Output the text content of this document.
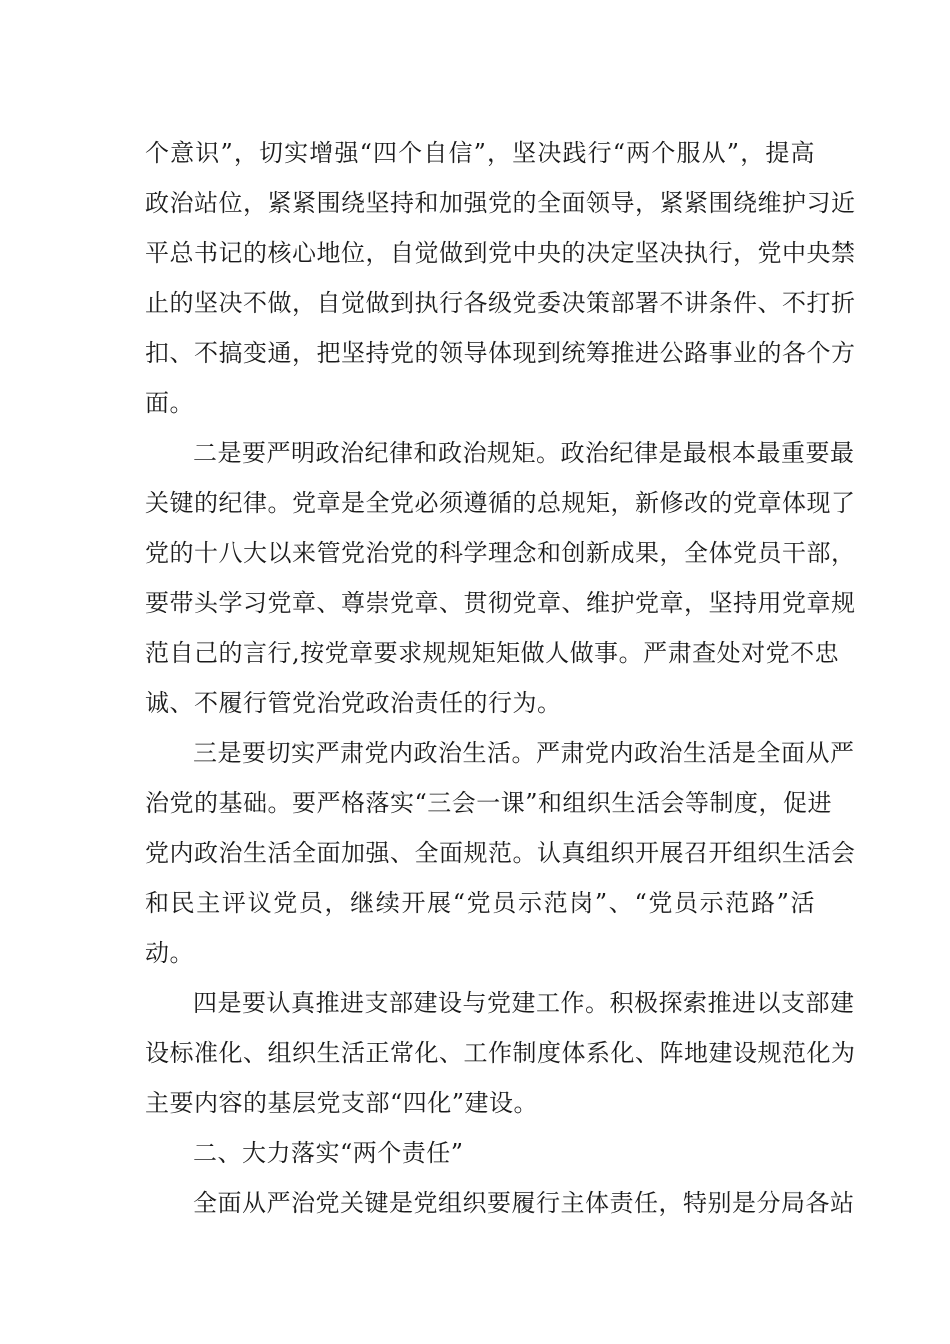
个意识”，切实增强“四个自信”，坚决践行“两个服从”，提高
政治站位，紧紧围绕坚持和加强党的全面领导，紧紧围绕维护习近
平总书记的核心地位，自觉做到党中央的决定坚决执行，党中央禁
止的坚决不做，自觉做到执行各级党委决策部署不讲条件、不打折
扣、不搞变通，把坚持党的领导体现到统筹推进公路事业的各个方
面。
二是要严明政治纪律和政治规矩。政治纪律是最根本最重要最
关键的纪律。党章是全党必须遵循的总规矩，新修改的党章体现了
党的十八大以来管党治党的科学理念和创新成果，全体党员干部，
要带头学习党章、尊崇党章、贯彻党章、维护党章，坚持用党章规
范自己的言行,按党章要求规规矩矩做人做事。严肃查处对党不忠
诚、不履行管党治党政治责任的行为。
三是要切实严肃党内政治生活。严肃党内政治生活是全面从严
治党的基础。要严格落实“三会一课”和组织生活会等制度，促进
党内政治生活全面加强、全面规范。认真组织开展召开组织生活会
和民主评议党员，继续开展“党员示范岗”、“党员示范路”活
动。
四是要认真推进支部建设与党建工作。积极探索推进以支部建
设标准化、组织生活正常化、工作制度体系化、阵地建设规范化为
主要内容的基层党支部“四化”建设。
二、大力落实“两个责任”
全面从严治党关键是党组织要履行主体责任，特别是分局各站
